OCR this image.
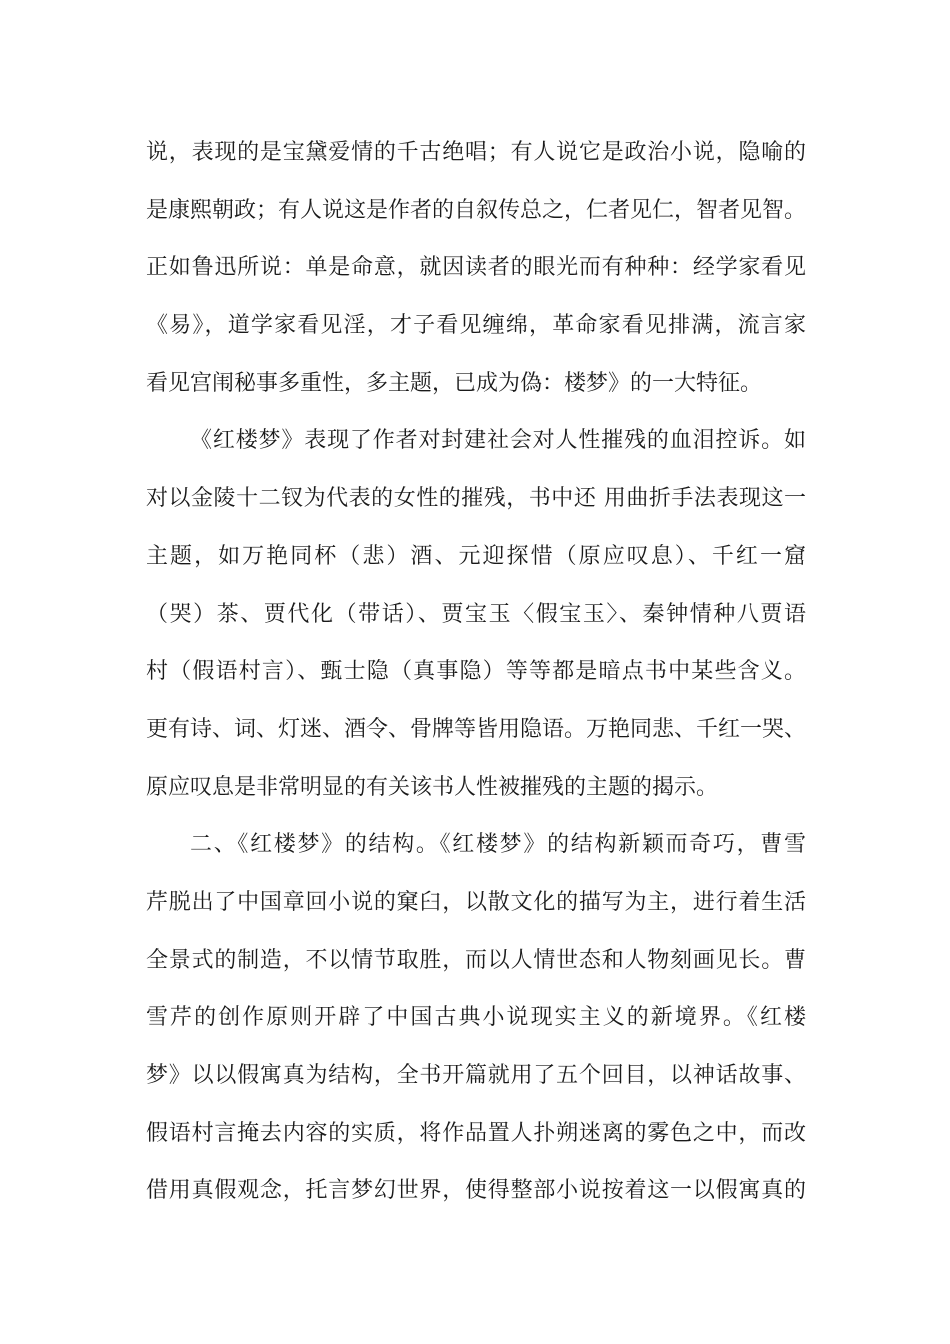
说，表现的是宝黛爱情的千古绝唱；有人说它是政治小说，隐喻的
是康熙朝政；有人说这是作者的自叙传总之，仁者见仁，智者见智。
正如鲁迅所说：单是命意，就因读者的眼光而有种种：经学家看见
《易》，道学家看见淫，才子看见缠绵，革命家看见排满，流言家
看见宫闱秘事多重性，多主题，已成为偽：楼梦》的一大特征。
《红楼梦》表现了作者对封建社会对人性摧残的血泪控诉。如
对以金陵十二钗为代表的女性的摧残，书中还 用曲折手法表现这一
主题，如万艳同杯（悲）酒、元迎探惜（原应叹息）、千红一窟
（哭）茶、贾代化（带话）、贾宝玉〈假宝玉〉、秦钟情种八贾语
村（假语村言）、甄士隐（真事隐）等等都是暗点书中某些含义。
更有诗、词、灯迷、酒令、骨牌等皆用隐语。万艳同悲、千红一哭、
原应叹息是非常明显的有关该书人性被摧残的主题的揭示。
二、《红楼梦》的结构。《红楼梦》的结构新颖而奇巧，曹雪
芹脱出了中国章回小说的窠臼，以散文化的描写为主，进行着生活
全景式的制造，不以情节取胜，而以人情世态和人物刻画见长。曹
雪芹的创作原则开辟了中国古典小说现实主义的新境界。《红楼
梦》以以假寓真为结构，全书开篇就用了五个回目，以神话故事、
假语村言掩去内容的实质，将作品置人扑朔迷离的雾色之中，而改
借用真假观念，托言梦幻世界，使得整部小说按着这一以假寓真的
